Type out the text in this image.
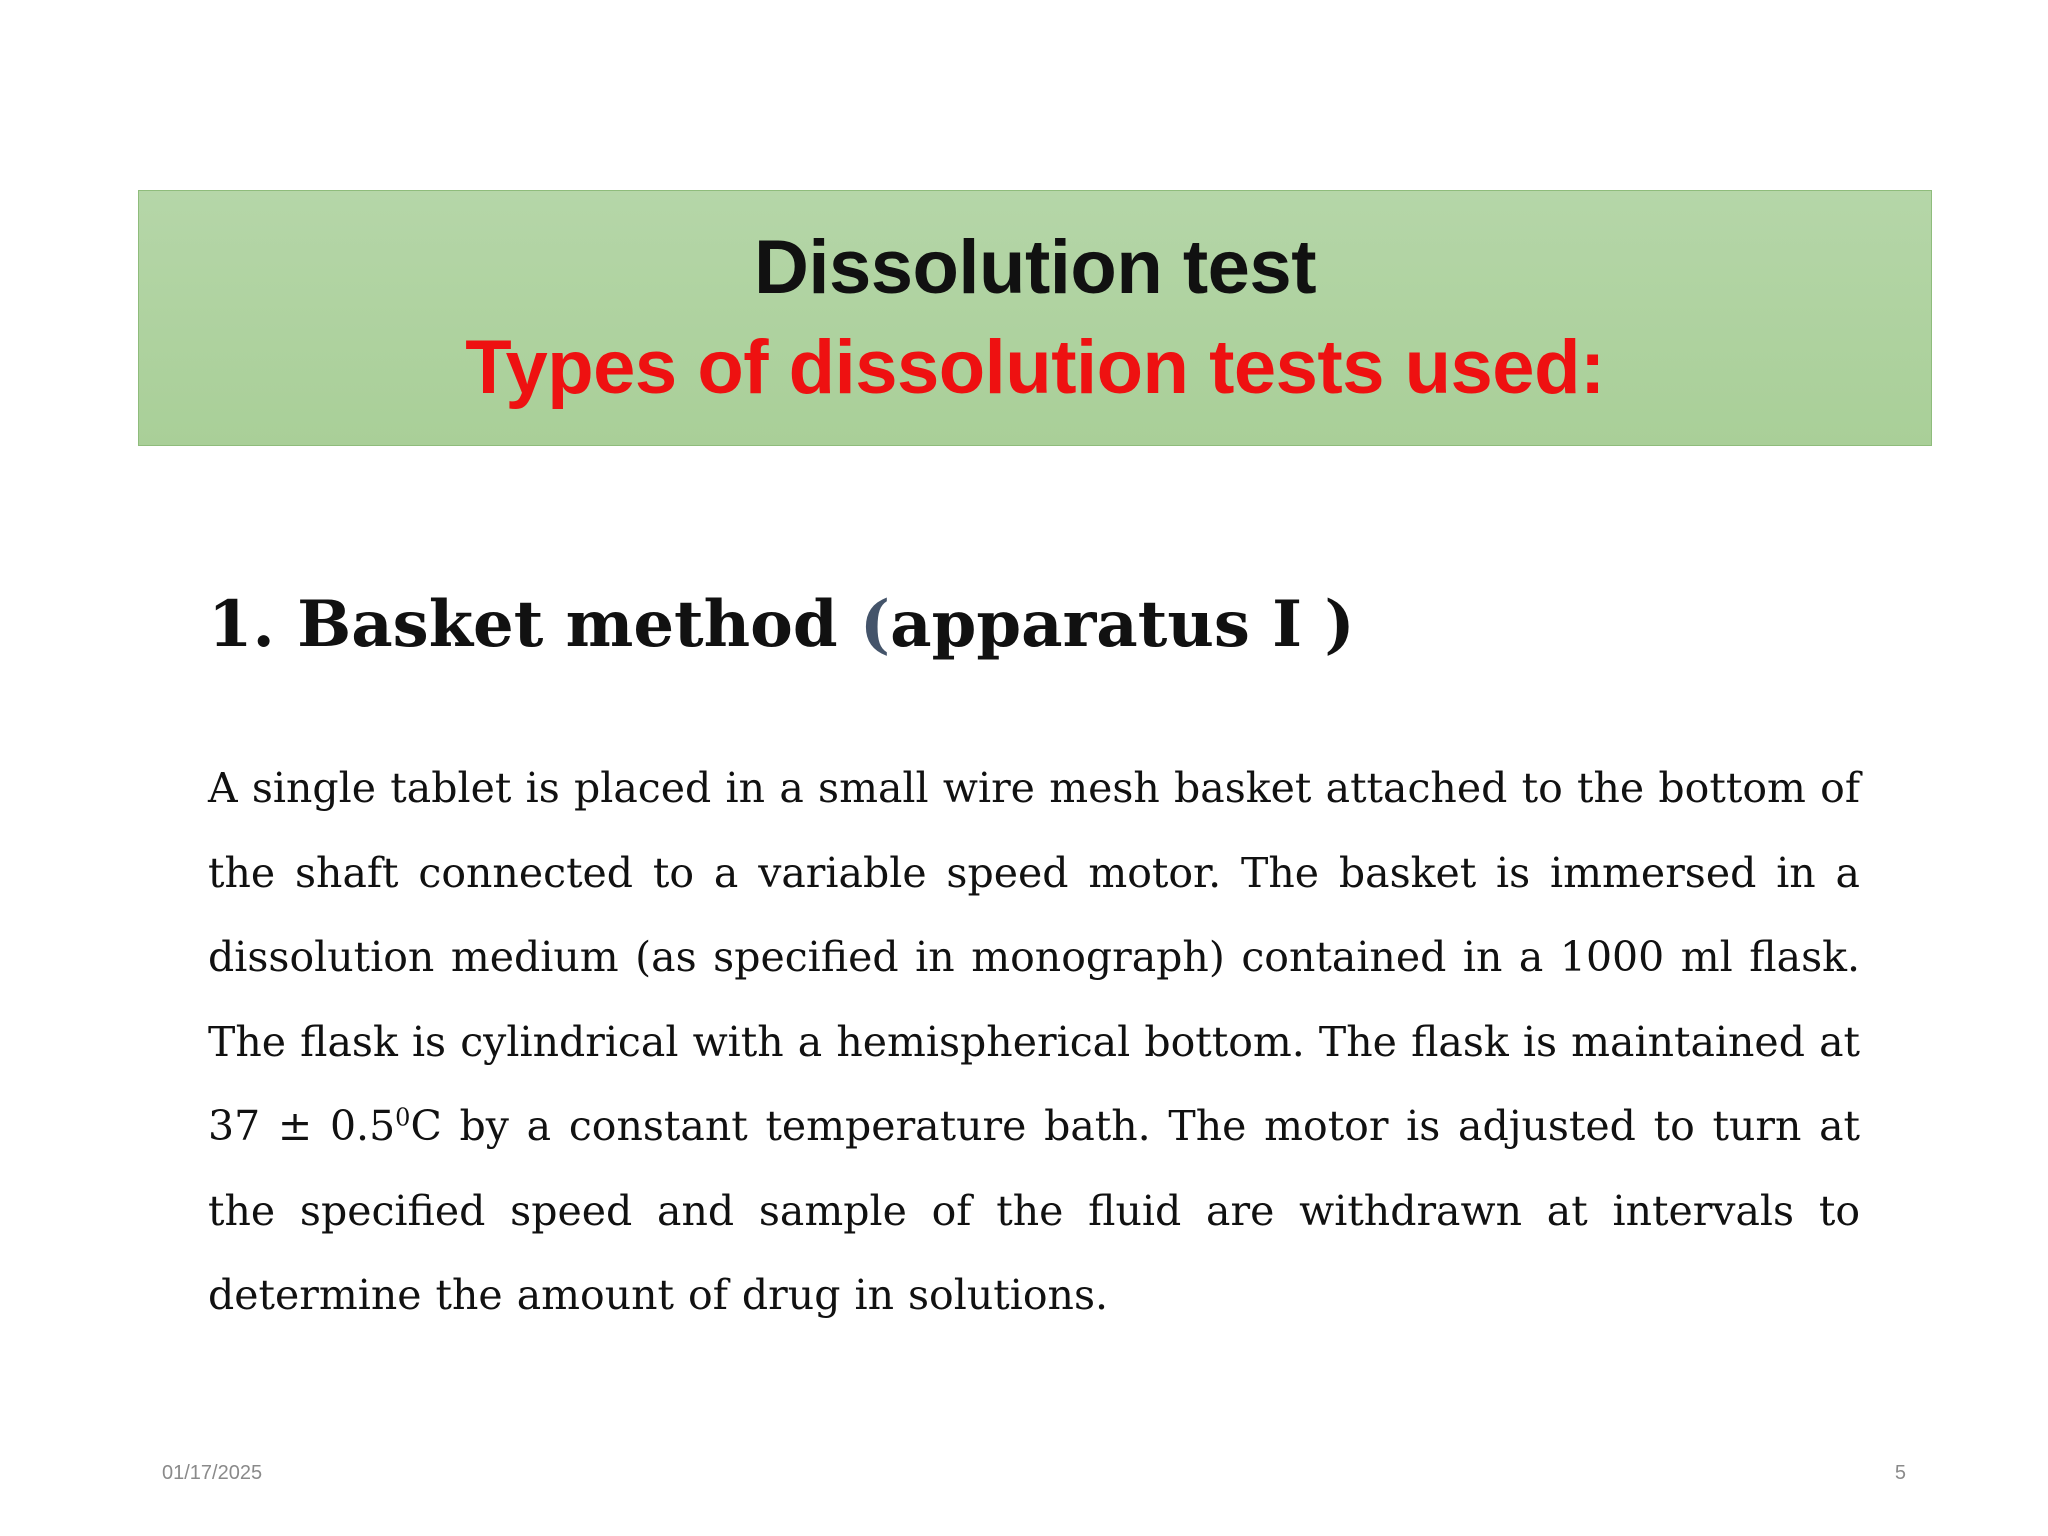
Dissolution test
Types of dissolution tests used:
1. Basket method (apparatus I )
A single tablet is placed in a small wire mesh basket attached to the bottom of the shaft connected to a variable speed motor. The basket is immersed in a dissolution medium (as specified in monograph) contained in a 1000 ml flask. The flask is cylindrical with a hemispherical bottom. The flask is maintained at $37 \pm 0.5^0C$ by a constant temperature bath. The motor is adjusted to turn at the specified speed and sample of the fluid are withdrawn at intervals to determine the amount of drug in solutions.
01/17/2025	5
